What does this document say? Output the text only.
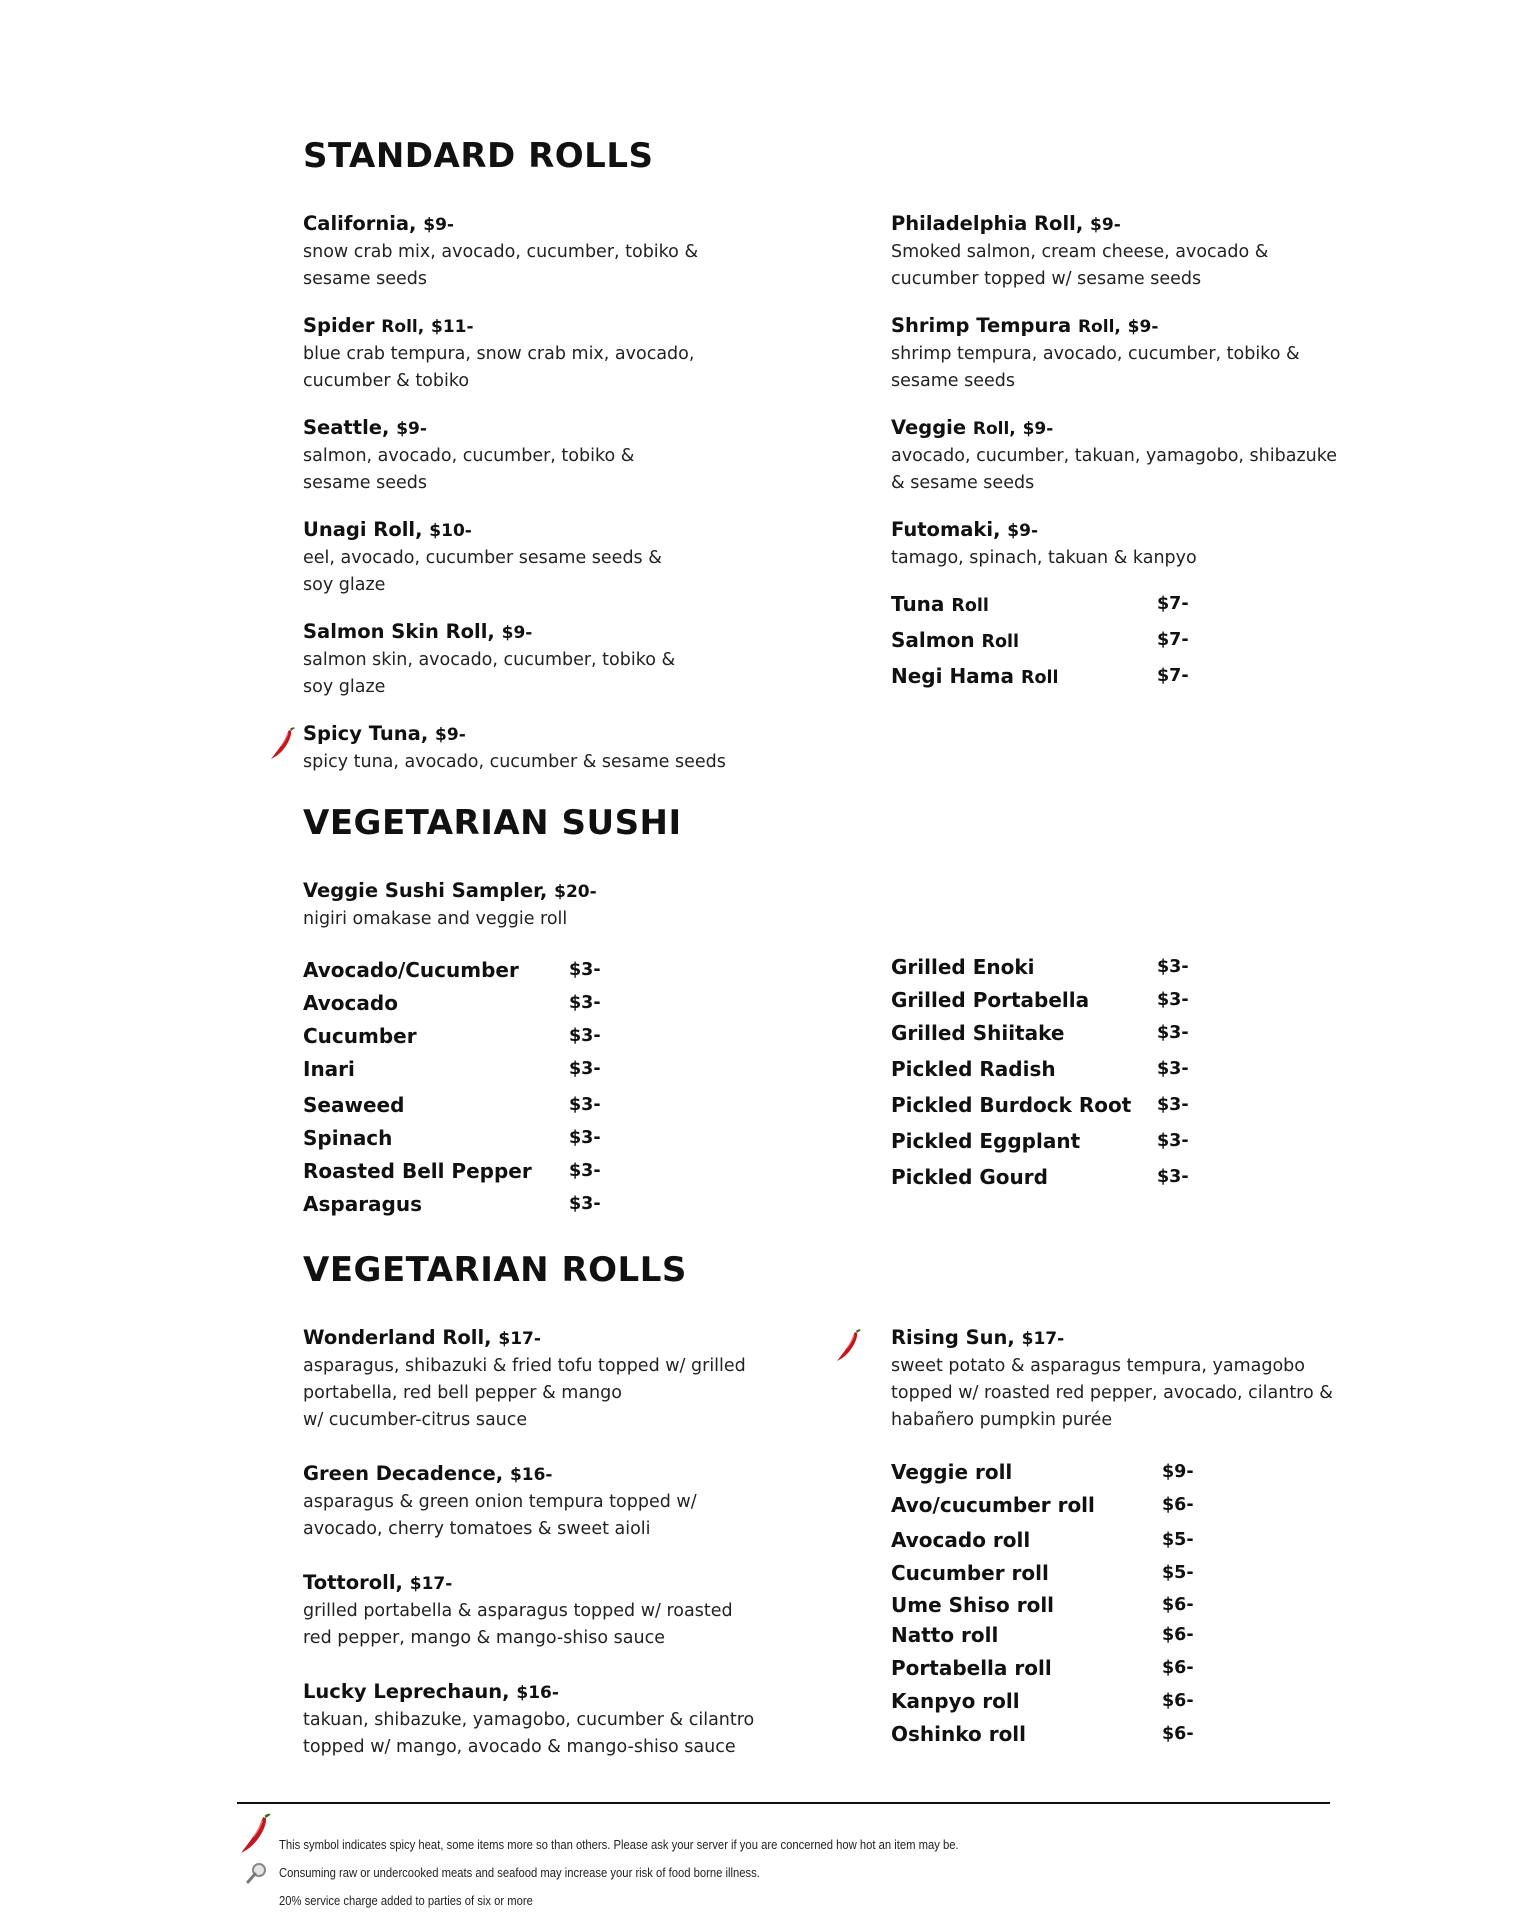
STANDARD ROLLS
California, $9-
snow crab mix, avocado, cucumber, tobiko &
sesame seeds
Spider Roll, $11-
blue crab tempura, snow crab mix, avocado,
cucumber & tobiko
Seattle, $9-
salmon, avocado, cucumber, tobiko &
sesame seeds
Unagi Roll, $10-
eel, avocado, cucumber sesame seeds &
soy glaze
Salmon Skin Roll, $9-
salmon skin, avocado, cucumber, tobiko &
soy glaze
Spicy Tuna, $9-
spicy tuna, avocado, cucumber & sesame seeds
Philadelphia Roll, $9-
Smoked salmon, cream cheese, avocado &
cucumber topped w/ sesame seeds
Shrimp Tempura Roll, $9-
shrimp tempura, avocado, cucumber, tobiko &
sesame seeds
Veggie Roll, $9-
avocado, cucumber, takuan, yamagobo, shibazuke
& sesame seeds
Futomaki, $9-
tamago, spinach, takuan & kanpyo
Tuna Roll	$7-
Salmon Roll	$7-
Negi Hama Roll	$7-
VEGETARIAN SUSHI
Veggie Sushi Sampler, $20-
nigiri omakase and veggie roll
Avocado/Cucumber	$3-
Avocado	$3-
Cucumber	$3-
Inari	$3-
Seaweed	$3-
Spinach	$3-
Roasted Bell Pepper $3-
Asparagus	$3-
Grilled Enoki	$3-
Grilled Portabella	$3-
Grilled Shiitake	$3-
Pickled Radish	$3-
Pickled Burdock Root $3-
Pickled Eggplant	$3-
Pickled Gourd	$3-
VEGETARIAN ROLLS
Wonderland Roll, $17-
asparagus, shibazuki & fried tofu topped w/ grilled
portabella, red bell pepper & mango
w/ cucumber-citrus sauce
Green Decadence, $16-
asparagus & green onion tempura topped w/
avocado, cherry tomatoes & sweet aioli
Tottoroll, $17-
grilled portabella & asparagus topped w/ roasted
red pepper, mango & mango-shiso sauce
Lucky Leprechaun, $16-
takuan, shibazuke, yamagobo, cucumber & cilantro
topped w/ mango, avocado & mango-shiso sauce
Rising Sun, $17-
sweet potato & asparagus tempura, yamagobo
topped w/ roasted red pepper, avocado, cilantro &
habañero pumpkin purée
Veggie roll	$9-
Avo/cucumber roll	$6-
Avocado roll	$5-
Cucumber roll	$5-
Ume Shiso roll	$6-
Natto roll	$6-
Portabella roll	$6-
Kanpyo roll	$6-
Oshinko roll	$6-
This symbol indicates spicy heat, some items more so than others. Please ask your server if you are concerned how hot an item may be.
Consuming raw or undercooked meats and seafood may increase your risk of food borne illness.
20% service charge added to parties of six or more
